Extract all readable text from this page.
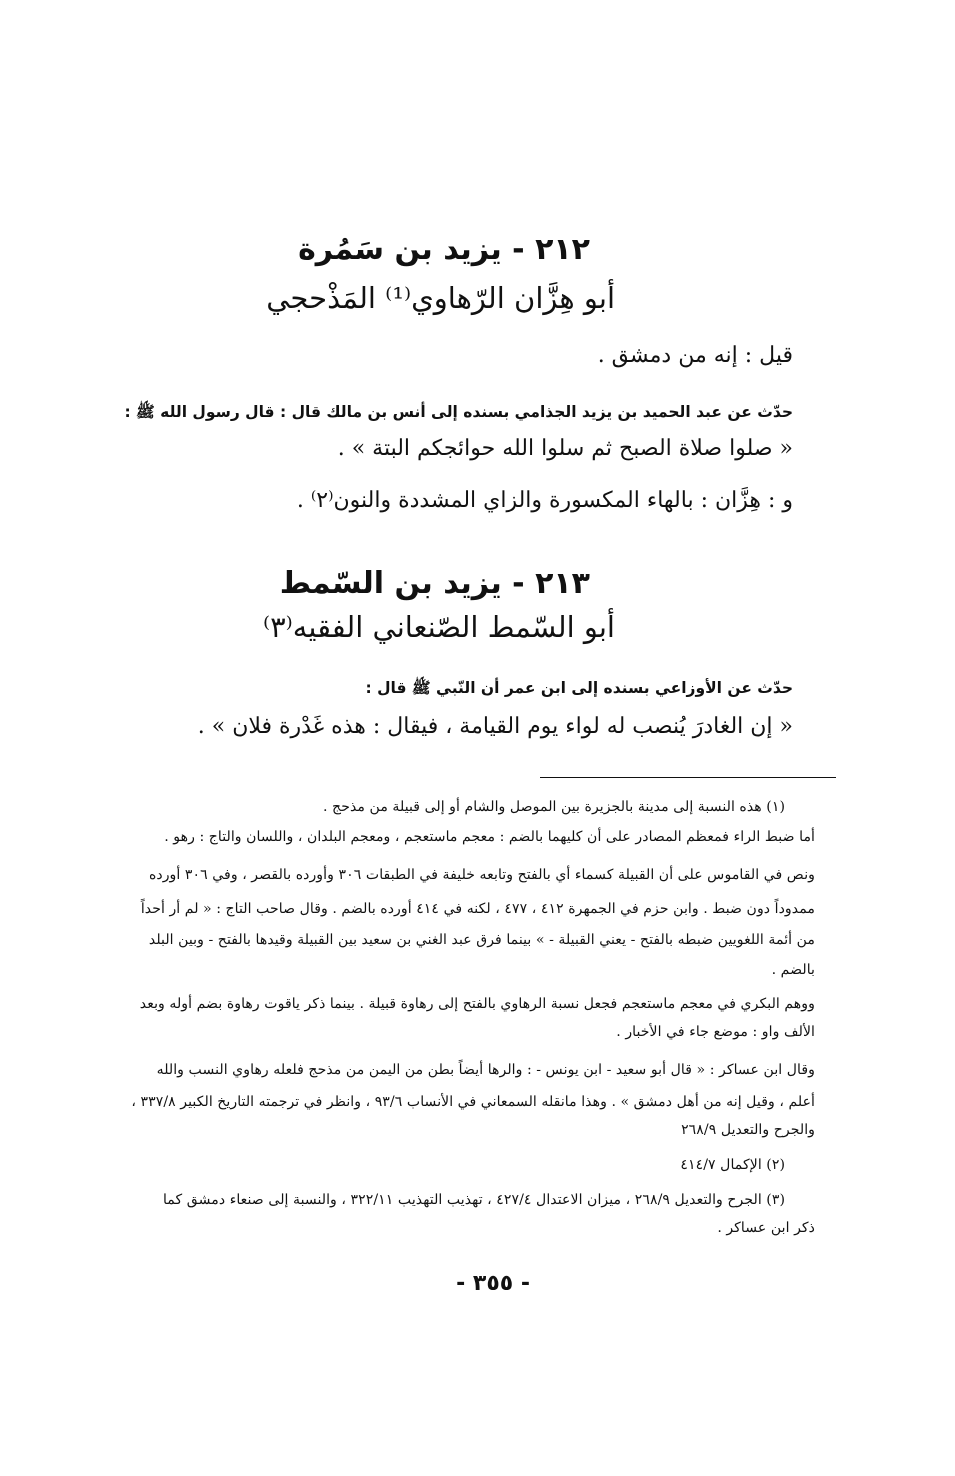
٢١٢ - يزيد بن سَمُرة
أبو هِزَّان الرّهاوي⁽¹⁾ المَذْحجي
قيل : إنه من دمشق .
حدّث عن عبد الحميد بن يزيد الجذامي بسنده إلى أنس بن مالك قال : قال رسول الله ﷺ :
« صلوا صلاة الصبح ثم سلوا الله حوائجكم البتة » .
و : هِزَّان : بالهاء المكسورة والزاي المشددة والنون⁽٢⁾ .
٢١٣ - يزيد بن السّمط
أبو السّمط الصّنعاني الفقيه⁽٣⁾
حدّث عن الأوزاعي بسنده إلى ابن عمر أن النّبي ﷺ قال :
« إن الغادرَ يُنصب له لواء يوم القيامة ، فيقال : هذه غَدْرة فلان » .
(١) هذه النسبة إلى مدينة بالجزيرة بين الموصل والشام أو إلى قبيلة من مذحج .
أما ضبط الراء فمعظم المصادر على أن كليهما بالضم : معجم ماستعجم ، ومعجم البلدان ، واللسان والتاج : رهو .
ونص في القاموس على أن القبيلة كسماء أي بالفتح وتابعه خليفة في الطبقات ٣٠٦ وأورده بالقصر ، وفي ٣٠٦ أورده
ممدوداً دون ضبط . وابن حزم في الجمهرة ٤١٢ ، ٤٧٧ ، لكنه في ٤١٤ أورده بالضم . وقال صاحب التاج : « لم أر أحداً
من أئمة اللغويين ضبطه بالفتح - يعني القبيلة - » بينما فرق عبد الغني بن سعيد بين القبيلة وقيدها بالفتح - وبين البلد
بالضم .
ووهم البكري في معجم ماستعجم فجعل نسبة الرهاوي بالفتح إلى رهاوة قبيلة . بينما ذكر ياقوت رهاوة بضم أوله وبعد
الألف واو : موضع جاء في الأخبار .
وقال ابن عساكر : « قال أبو سعيد - ابن يونس - : والرها أيضاً بطن من اليمن من مذحج فلعله رهاوي النسب والله
أعلم ، وقيل إنه من أهل دمشق » . وهذا مانقله السمعاني في الأنساب ٩٣/٦ ، وانظر في ترجمته التاريخ الكبير ٣٣٧/٨ ،
والجرح والتعديل ٢٦٨/٩
(٢) الإكمال ٤١٤/٧
(٣) الجرح والتعديل ٢٦٨/٩ ، ميزان الاعتدال ٤٢٧/٤ ، تهذيب التهذيب ٣٢٢/١١ ، والنسبة إلى صنعاء دمشق كما
ذكر ابن عساكر .
- ٣٥٥ -
